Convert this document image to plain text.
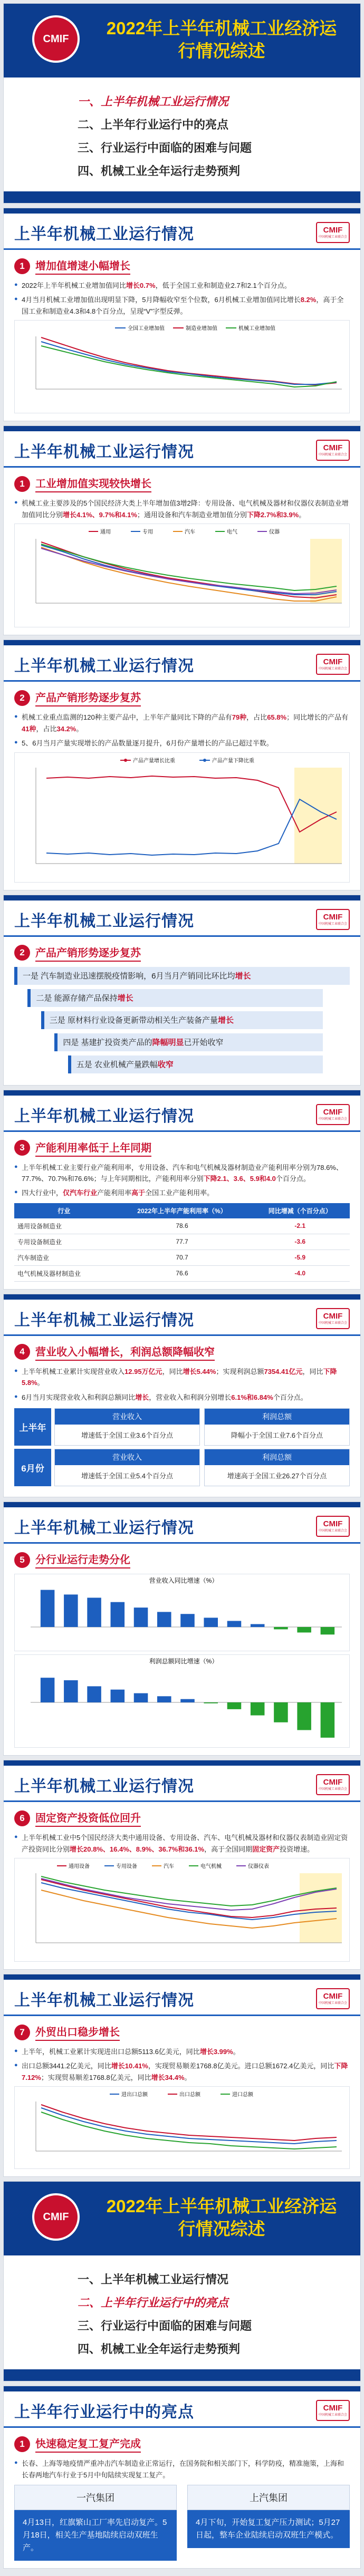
CMIF
2022年上半年机械工业经济运行情况综述
一、上半年机械工业运行情况
二、上半年行业运行中的亮点
三、行业运行中面临的困难与问题
四、机械工业全年运行走势预判
上半年机械工业运行情况	CMIF
中国机械工业联合会
1	增加值增速小幅增长
● 2022年上半年机械工业增加值同比增长0.7%，低于全国工业和制造业2.7和2.1个百分点。
● 4月当月机械工业增加值出现明显下降，5月降幅收窄至个位数，6月机械工业增加值同比增长8.2%，高于全国工业和制造业4.3和4.8个百分点，呈现“V”字型反弹。
全国工业增加值	制造业增加值	机械工业增加值
上半年机械工业运行情况	CMIF
中国机械工业联合会
1	工业增加值实现较快增长
● 机械工业主要涉及的5个国民经济大类上半年增加值3增2降：专用设备、电气机械及器材和仪器仪表制造业增加值同比分别增长4.1%、9.7%和4.1%；通用设备和汽车制造业增加值分别下降2.7%和3.9%。
通用	专用	汽车	电气	仪器
上半年机械工业运行情况	CMIF
中国机械工业联合会
2	产品产销形势逐步复苏
● 机械工业重点监测的120种主要产品中，上半年产量同比下降的产品有79种，占比65.8%；同比增长的产品有41种，占比34.2%。
● 5、6月当月产量实现增长的产品数量逐月提升，6月份产量增长的产品已超过半数。
产品产量增长比重	产品产量下降比重
上半年机械工业运行情况	CMIF
中国机械工业联合会
2	产品产销形势逐步复苏
一是 汽车制造业迅速摆脱疫情影响，6月当月产销同比环比均 增长
二是 能源存储产品保持 增长
三是 原材料行业设备更新带动相关生产装备产量 增长
四是 基建扩投资类产品的 降幅明显 已开始收窄
五是 农业机械产量跌幅 收窄
上半年机械工业运行情况	CMIF
中国机械工业联合会
3	产能利用率低于上年同期
● 上半年机械工业主要行业产能利用率，专用设备、汽车和电气机械及器材制造业产能利用率分别为78.6%、77.7%、70.7%和76.6%；与上年同期相比，产能利用率分别下降2.1、3.6、5.9和4.0个百分点。
● 四大行业中，仅汽车行业产能利用率高于全国工业产能利用率。
行业	2022年上半年产能利用率（%）	同比增减（个百分点）
通用设备制造业	78.6	-2.1
专用设备制造业	77.7	-3.6
汽车制造业	70.7	-5.9
电气机械及器材制造业	76.6	-4.0
上半年机械工业运行情况	CMIF
中国机械工业联合会
4	营业收入小幅增长，利润总额降幅收窄
● 上半年机械工业累计实现营业收入12.95万亿元，同比增长5.44%；实现利润总额7354.41亿元，同比下降5.8%。
● 6月当月实现营业收入和利润总额同比增长，营业收入和利润分别增长6.1%和6.84%个百分点。
上半年
营业收入
增速低于全国工业3.6个百分点
利润总额
降幅小于全国工业7.6个百分点
6月份
营业收入
增速低于全国工业5.4个百分点
利润总额
增速高于全国工业26.27个百分点
上半年机械工业运行情况	CMIF
中国机械工业联合会
5	分行业运行走势分化
营业收入同比增速（%）
利润总额同比增速（%）
上半年机械工业运行情况	CMIF
中国机械工业联合会
6	固定资产投资低位回升
● 上半年机械工业中5个国民经济大类中通用设备、专用设备、汽车、电气机械及器材和仪器仪表制造业固定资产投资同比分别增长20.8%、16.4%、8.9%、36.7%和36.1%，高于全国同期固定资产投资增速。
通用设备	专用设备	汽车	电气机械	仪器仪表
上半年机械工业运行情况	CMIF
中国机械工业联合会
7	外贸出口稳步增长
● 上半年，机械工业累计实现进出口总额5113.6亿美元，同比增长3.99%。
● 出口总额3441.2亿美元，同比增长10.41%，实现贸易顺差1768.8亿美元。进口总额1672.4亿美元，同比下降7.12%；实现贸易顺差1768.8亿美元，同比增长34.4%。
进出口总额	出口总额	进口总额
CMIF
2022年上半年机械工业经济运行情况综述
一、上半年机械工业运行情况
二、上半年行业运行中的亮点
三、行业运行中面临的困难与问题
四、机械工业全年运行走势预判
上半年行业运行中的亮点	CMIF
中国机械工业联合会
1	快速稳定复工复产完成
● 长春、上海等地疫情严重冲击汽车制造业正常运行，在国务院和相关部门下，科学防疫，精准施策，上海和长春两地汽车行业于5月中旬陆续实现复工复产。
一汽集团
4月13日，红旗繁山工厂率先启动复产。5月18日，相关生产基地陆续启动双班生产。
上汽集团
4月下旬，开始复工复产压力测试；5月27日起，整车企业陆续启动双班生产模式。
